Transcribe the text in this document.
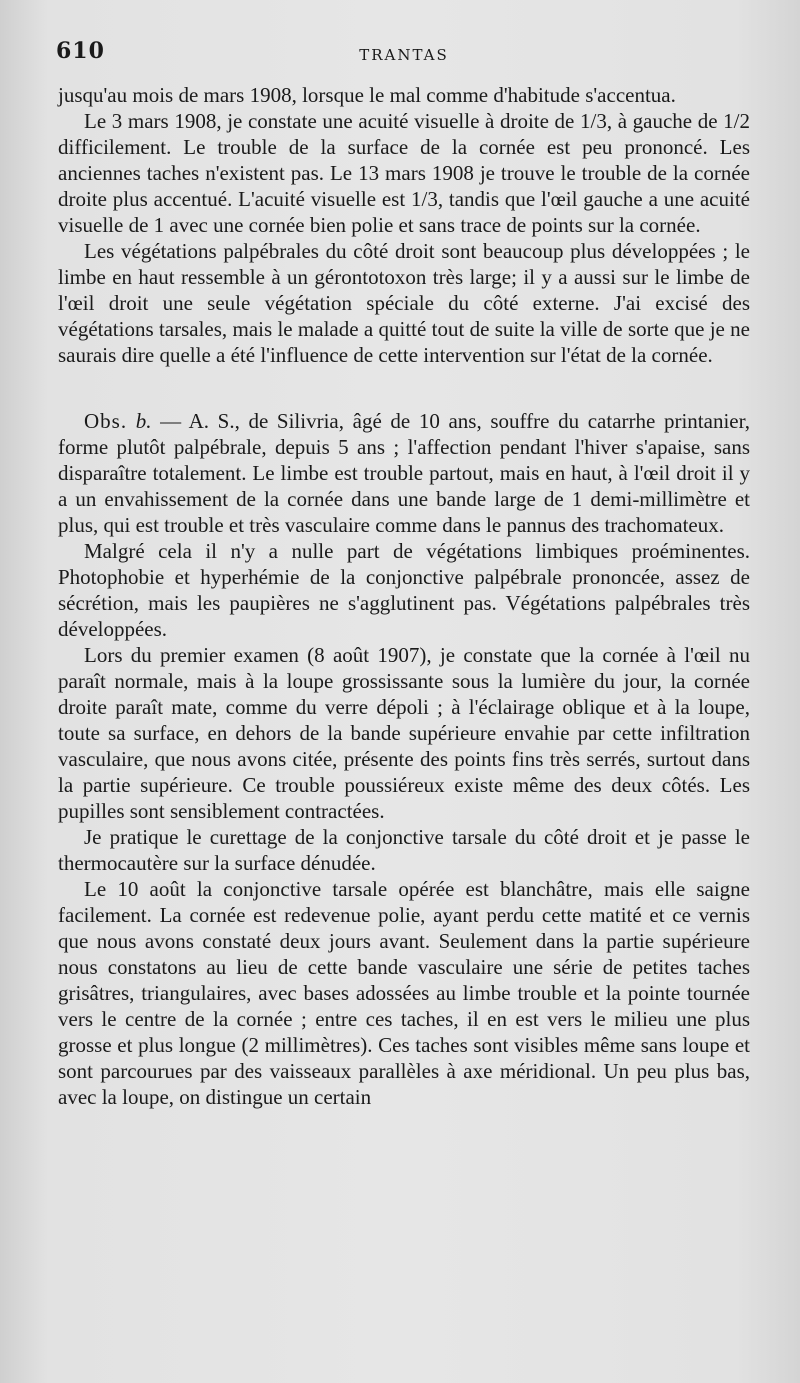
610	TRANTAS

jusqu'au mois de mars 1908, lorsque le mal comme d'habitude s'accentua.

Le 3 mars 1908, je constate une acuité visuelle à droite de 1/3, à gauche de 1/2 difficilement. Le trouble de la surface de la cornée est peu prononcé. Les anciennes taches n'existent pas. Le 13 mars 1908 je trouve le trouble de la cornée droite plus accentué. L'acuité visuelle est 1/3, tandis que l'œil gauche a une acuité visuelle de 1 avec une cornée bien polie et sans trace de points sur la cornée.

Les végétations palpébrales du côté droit sont beaucoup plus développées ; le limbe en haut ressemble à un gérontotoxon très large; il y a aussi sur le limbe de l'œil droit une seule végétation spéciale du côté externe. J'ai excisé des végétations tarsales, mais le malade a quitté tout de suite la ville de sorte que je ne saurais dire quelle a été l'influence de cette intervention sur l'état de la cornée.

Obs. b. — A. S., de Silivria, âgé de 10 ans, souffre du catarrhe printanier, forme plutôt palpébrale, depuis 5 ans ; l'affection pendant l'hiver s'apaise, sans disparaître totalement. Le limbe est trouble partout, mais en haut, à l'œil droit il y a un envahissement de la cornée dans une bande large de 1 demi-millimètre et plus, qui est trouble et très vasculaire comme dans le pannus des trachomateux.

Malgré cela il n'y a nulle part de végétations limbiques proéminentes. Photophobie et hyperhémie de la conjonctive palpébrale prononcée, assez de sécrétion, mais les paupières ne s'agglutinent pas. Végétations palpébrales très développées.

Lors du premier examen (8 août 1907), je constate que la cornée à l'œil nu paraît normale, mais à la loupe grossissante sous la lumière du jour, la cornée droite paraît mate, comme du verre dépoli ; à l'éclairage oblique et à la loupe, toute sa surface, en dehors de la bande supérieure envahie par cette infiltration vasculaire, que nous avons citée, présente des points fins très serrés, surtout dans la partie supérieure. Ce trouble poussiéreux existe même des deux côtés. Les pupilles sont sensiblement contractées.

Je pratique le curettage de la conjonctive tarsale du côté droit et je passe le thermocautère sur la surface dénudée.

Le 10 août la conjonctive tarsale opérée est blanchâtre, mais elle saigne facilement. La cornée est redevenue polie, ayant perdu cette matité et ce vernis que nous avons constaté deux jours avant. Seulement dans la partie supérieure nous constatons au lieu de cette bande vasculaire une série de petites taches grisâtres, triangulaires, avec bases adossées au limbe trouble et la pointe tournée vers le centre de la cornée ; entre ces taches, il en est vers le milieu une plus grosse et plus longue (2 millimètres). Ces taches sont visibles même sans loupe et sont parcourues par des vaisseaux parallèles à axe méridional. Un peu plus bas, avec la loupe, on distingue un certain
